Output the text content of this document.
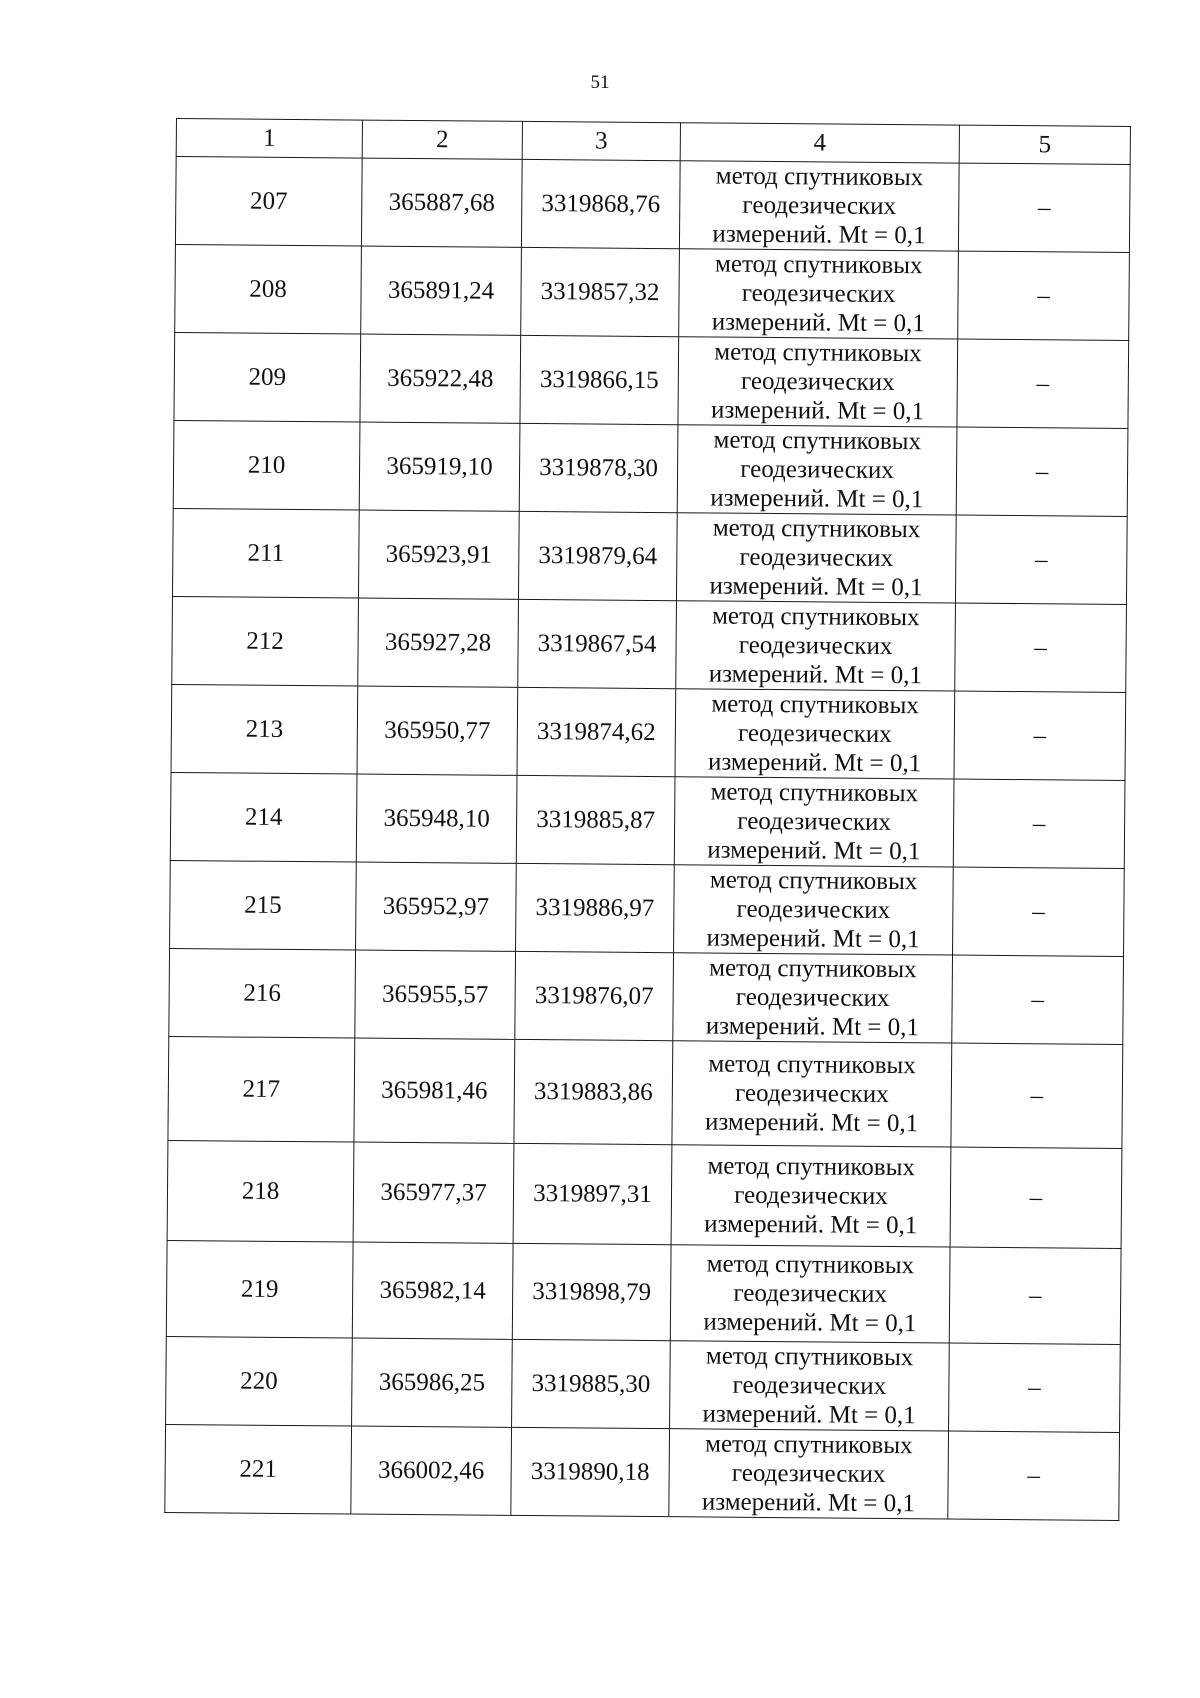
51
1	2	3	4	5
207	365887,68	3319868,76	метод спутниковых
геодезических
измерений. Mt = 0,1	–
208	365891,24	3319857,32	метод спутниковых
геодезических
измерений. Mt = 0,1	–
209	365922,48	3319866,15	метод спутниковых
геодезических
измерений. Mt = 0,1	–
210	365919,10	3319878,30	метод спутниковых
геодезических
измерений. Mt = 0,1	–
211	365923,91	3319879,64	метод спутниковых
геодезических
измерений. Mt = 0,1	–
212	365927,28	3319867,54	метод спутниковых
геодезических
измерений. Mt = 0,1	–
213	365950,77	3319874,62	метод спутниковых
геодезических
измерений. Mt = 0,1	–
214	365948,10	3319885,87	метод спутниковых
геодезических
измерений. Mt = 0,1	–
215	365952,97	3319886,97	метод спутниковых
геодезических
измерений. Mt = 0,1	–
216	365955,57	3319876,07	метод спутниковых
геодезических
измерений. Mt = 0,1	–
217	365981,46	3319883,86	метод спутниковых
геодезических
измерений. Mt = 0,1	–
218	365977,37	3319897,31	метод спутниковых
геодезических
измерений. Mt = 0,1	–
219	365982,14	3319898,79	метод спутниковых
геодезических
измерений. Mt = 0,1	–
220	365986,25	3319885,30	метод спутниковых
геодезических
измерений. Mt = 0,1	–
221	366002,46	3319890,18	метод спутниковых
геодезических
измерений. Mt = 0,1	–
